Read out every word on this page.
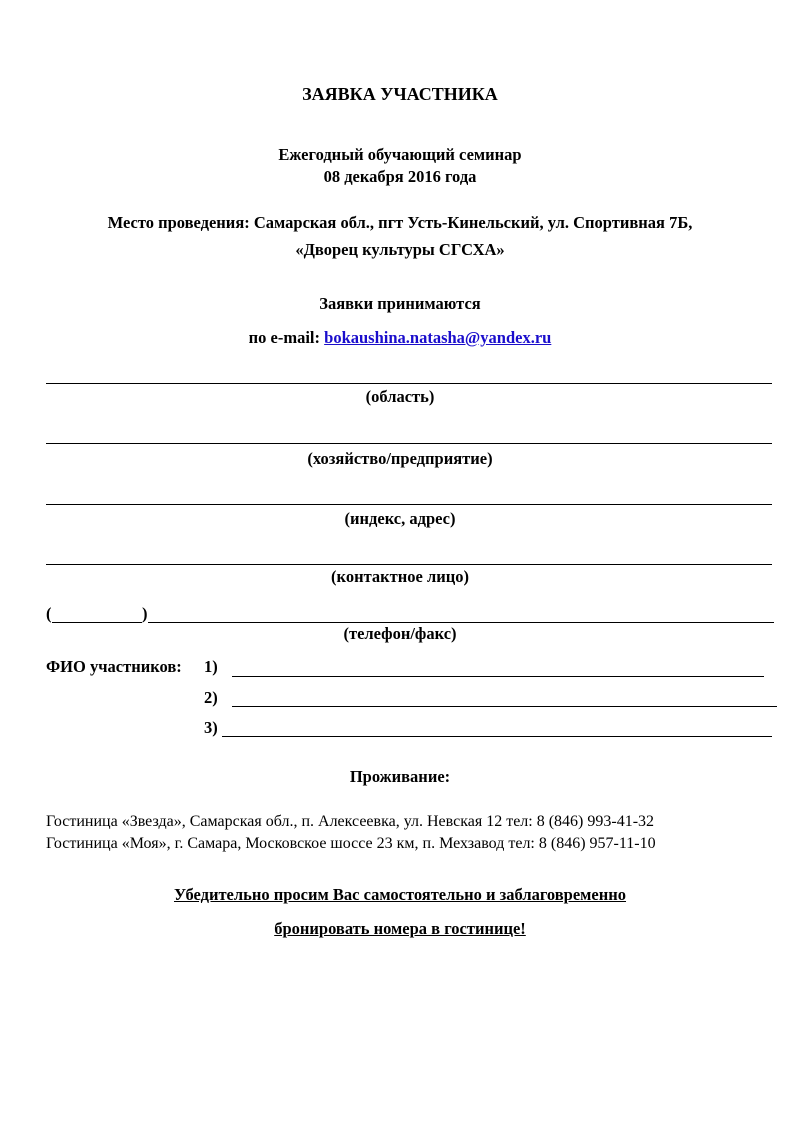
ЗАЯВКА УЧАСТНИКА
Ежегодный обучающий семинар
08 декабря 2016 года
Место проведения: Самарская обл., пгт Усть-Кинельский, ул. Спортивная 7Б,
«Дворец культуры СГСХА»
Заявки принимаются
по e-mail: bokaushina.natasha@yandex.ru
(область)
(хозяйство/предприятие)
(индекс, адрес)
(контактное лицо)
(	)
(телефон/факс)
ФИО участников: 1)
2)
3)
Проживание:
Гостиница «Звезда», Самарская обл., п. Алексеевка, ул. Невская 12 тел: 8 (846) 993-41-32
Гостиница «Моя», г. Самара, Московское шоссе 23 км, п. Мехзавод тел: 8 (846) 957-11-10
Убедительно просим Вас самостоятельно и заблаговременно
бронировать номера в гостинице!
